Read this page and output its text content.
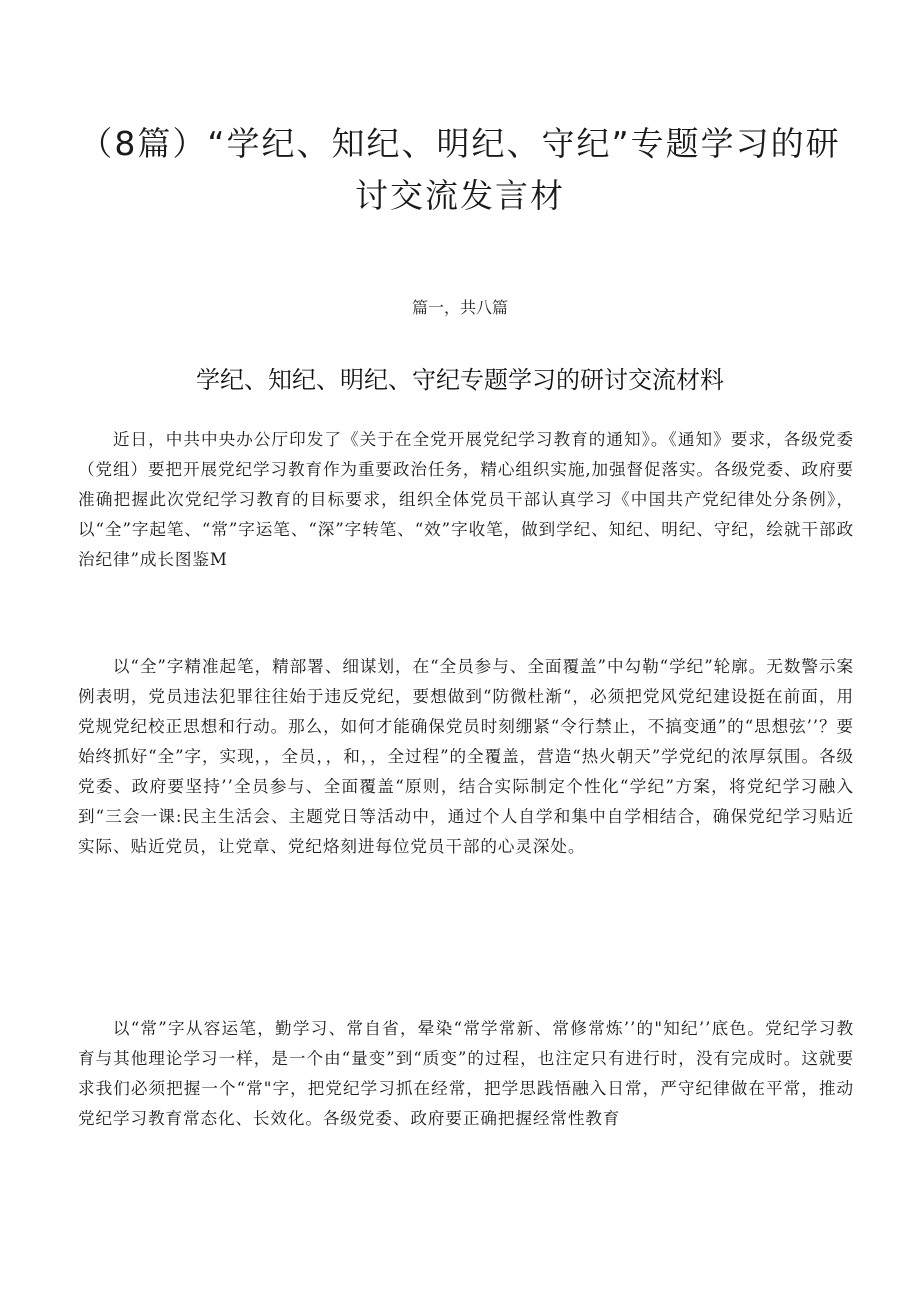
（8篇）“学纪、知纪、明纪、守纪”专题学习的研
讨交流发言材
篇一，共八篇
学纪、知纪、明纪、守纪专题学习的研讨交流材料

近日，中共中央办公厅印发了《关于在全党开展党纪学习教育的通知》。《通知》要求，各级党委（党组）要把开展党纪学习教育作为重要政治任务，精心组织实施,加强督促落实。各级党委、政府要准确把握此次党纪学习教育的目标要求，组织全体党员干部认真学习《中国共产党纪律处分条例》，以“全”字起笔、“常”字运笔、“深”字转笔、“效”字收笔，做到学纪、知纪、明纪、守纪，绘就干部政治纪律”成长图鉴M

以“全”字精准起笔，精部署、细谋划，在“全员参与、全面覆盖”中勾勒“学纪”轮廓。无数警示案例表明，党员违法犯罪往往始于违反党纪，要想做到“防微杜渐“，必须把党风党纪建设挺在前面，用党规党纪校正思想和行动。那么，如何才能确保党员时刻绷紧“令行禁止，不搞变通”的“思想弦’’？要始终抓好“全”字，实现，，全员，，和，，全过程”的全覆盖，营造“热火朝天”学党纪的浓厚氛围。各级党委、政府要坚持’’全员参与、全面覆盖“原则，结合实际制定个性化“学纪”方案，将党纪学习融入到“三会一课:民主生活会、主题党日等活动中，通过个人自学和集中自学相结合，确保党纪学习贴近实际、贴近党员，让党章、党纪烙刻进每位党员干部的心灵深处。

以“常”字从容运笔，勤学习、常自省，晕染“常学常新、常修常炼’’的"知纪’’底色。党纪学习教育与其他理论学习一样，是一个由“量变”到“质变”的过程，也注定只有进行时，没有完成时。这就要求我们必须把握一个“常"字，把党纪学习抓在经常，把学思践悟融入日常，严守纪律做在平常，推动党纪学习教育常态化、长效化。各级党委、政府要正确把握经常性教育
